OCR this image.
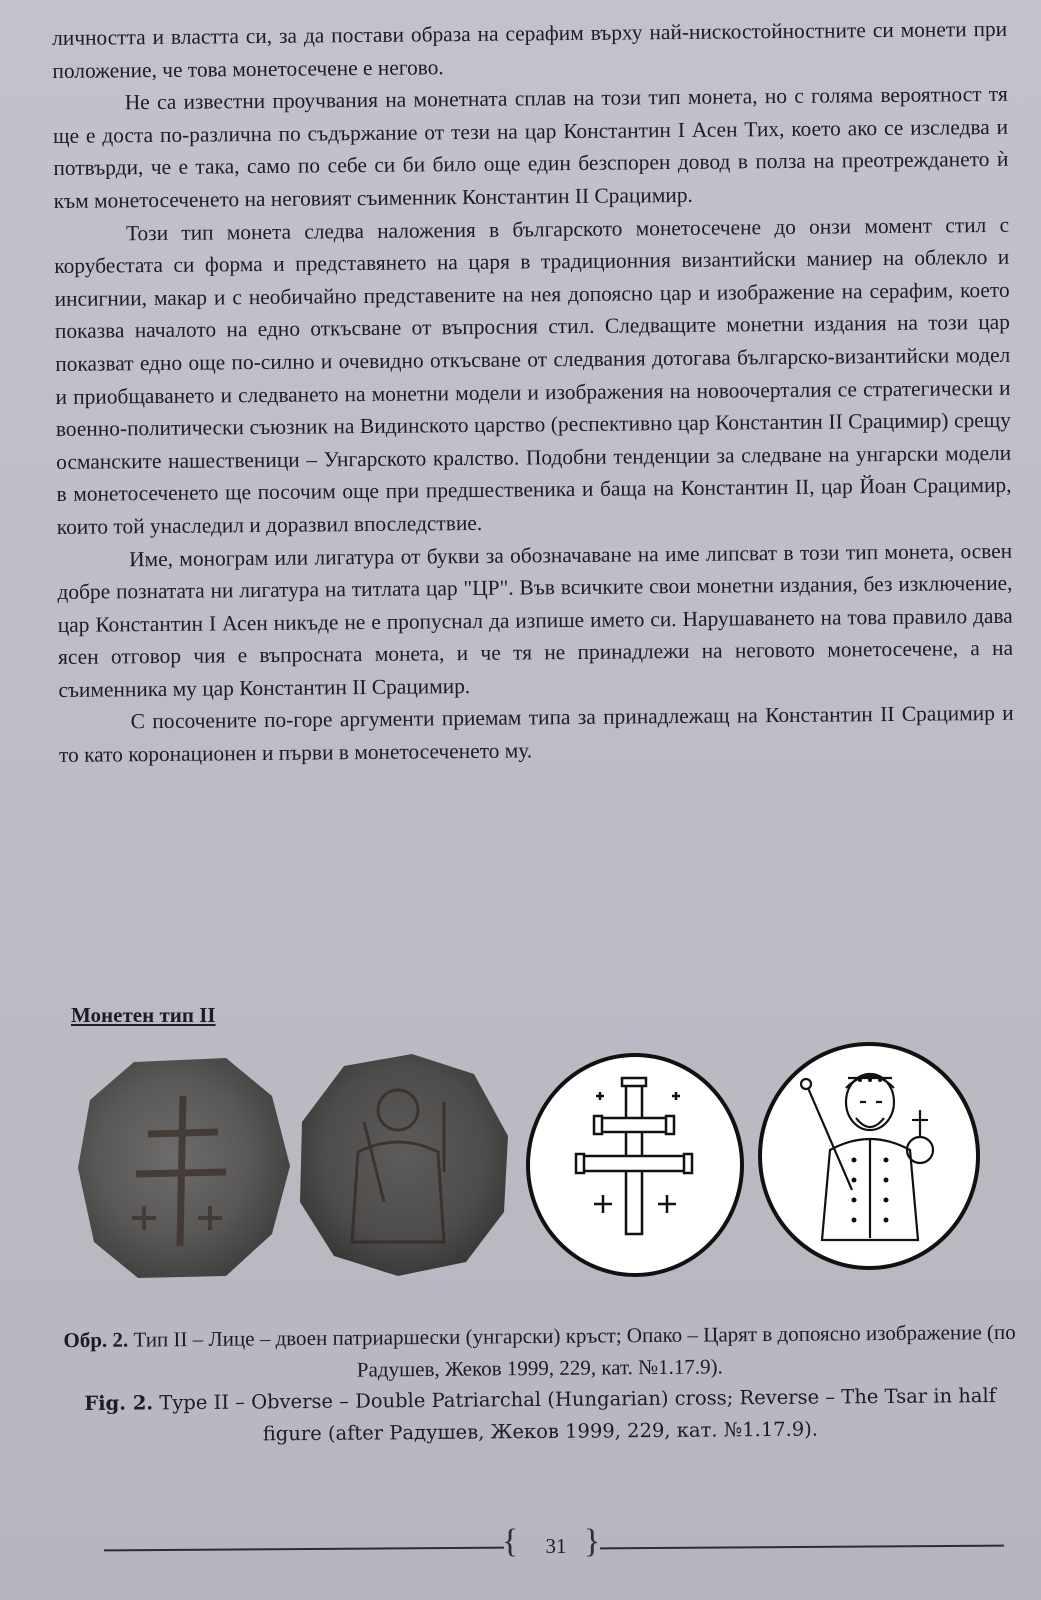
личността и властта си, за да постави образа на серафим върху най-нискостойностните си монети при положение, че това монетосечене е негово.

Не са известни проучвания на монетната сплав на този тип монета, но с голяма вероятност тя ще е доста по-различна по съдържание от тези на цар Константин I Асен Тих, което ако се изследва и потвърди, че е така, само по себе си би било още един безспорен довод в полза на преотреждането ѝ към монетосеченето на неговият съименник Константин II Срацимир.

Този тип монета следва наложения в българското монетосечене до онзи момент стил с корубестата си форма и представянето на царя в традиционния византийски маниер на облекло и инсигнии, макар и с необичайно представените на нея допоясно цар и изображение на серафим, което показва началото на едно откъсване от въпросния стил. Следващите монетни издания на този цар показват едно още по-силно и очевидно откъсване от следвания дотогава българско-византийски модел и приобщаването и следването на монетни модели и изображения на новоочерталия се стратегически и военно-политически съюзник на Видинското царство (респективно цар Константин II Срацимир) срещу османските нашественици – Унгарското кралство. Подобни тенденции за следване на унгарски модели в монетосеченето ще посочим още при предшественика и баща на Константин II, цар Йоан Срацимир, които той унаследил и доразвил впоследствие.

Име, монограм или лигатура от букви за обозначаване на име липсват в този тип монета, освен добре познатата ни лигатура на титлата цар "ЦР". Във всичките свои монетни издания, без изключение, цар Константин I Асен никъде не е пропуснал да изпише името си. Нарушаването на това правило дава ясен отговор чия е въпросната монета, и че тя не принадлежи на неговото монетосечене, а на съименника му цар Константин II Срацимир.

С посочените по-горе аргументи приемам типа за принадлежащ на Константин II Срацимир и то като коронационен и първи в монетосеченето му.

Монетен тип II

Обр. 2. Тип II – Лице – двоен патриаршески (унгарски) кръст; Опако – Царят в допоясно изображение (по Радушев, Жеков 1999, 229, кат. №1.17.9).

Fig. 2. Type II – Obverse – Double Patriarchal (Hungarian) cross; Reverse – The Tsar in half figure (after Радушев, Жеков 1999, 229, кат. №1.17.9).

{	31 }
